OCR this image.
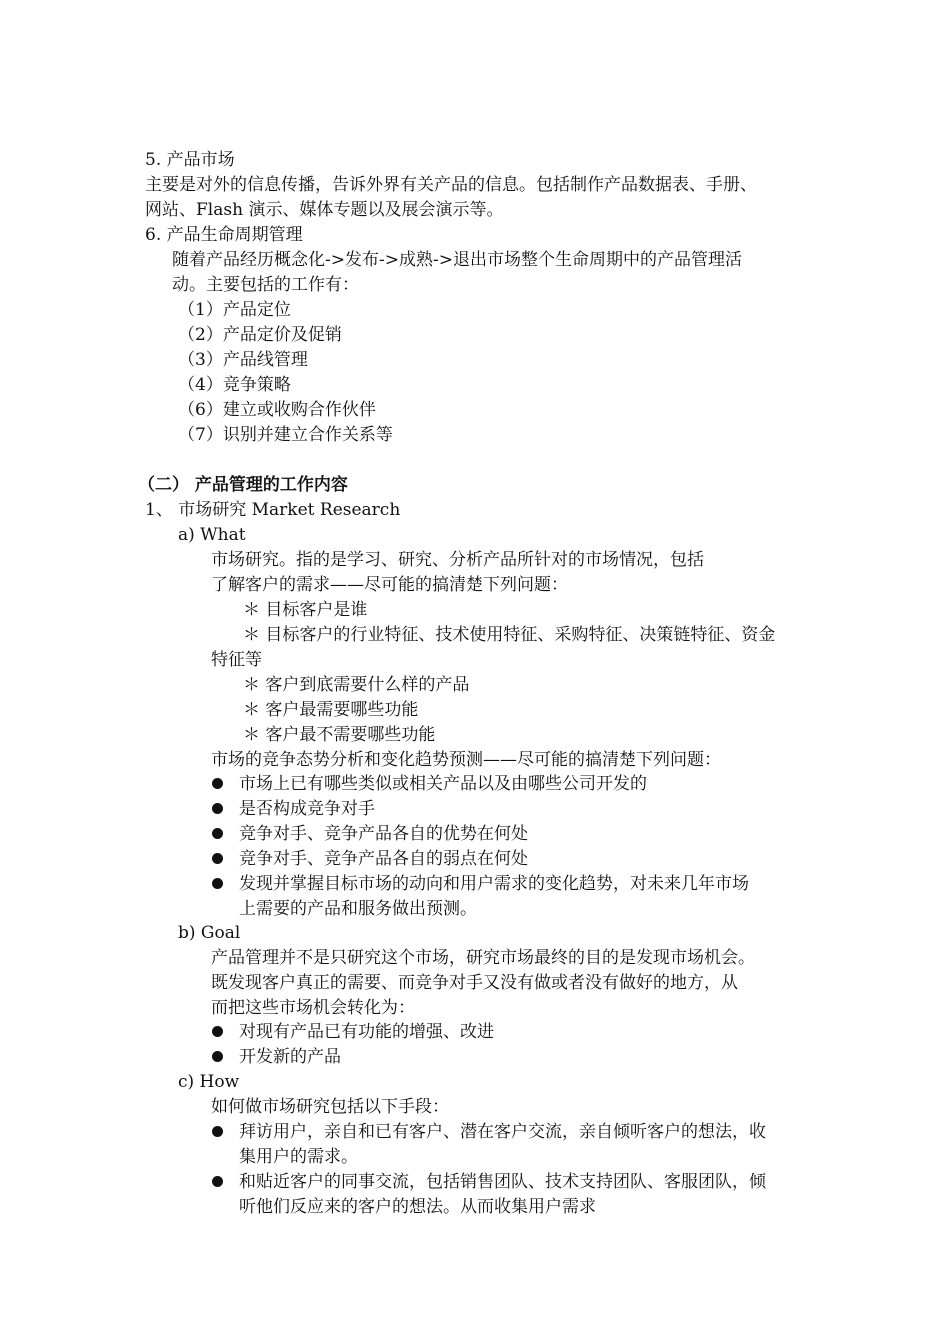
5. 产品市场
主要是对外的信息传播，告诉外界有关产品的信息。包括制作产品数据表、手册、
网站、Flash 演示、媒体专题以及展会演示等。
6. 产品生命周期管理
随着产品经历概念化->发布->成熟->退出市场整个生命周期中的产品管理活
动。主要包括的工作有：
（1）产品定位
（2）产品定价及促销
（3）产品线管理
（4）竞争策略
（6）建立或收购合作伙伴
（7）识别并建立合作关系等
（二） 产品管理的工作内容
1、 市场研究 Market Research
a) What
市场研究。指的是学习、研究、分析产品所针对的市场情况，包括
了解客户的需求——尽可能的搞清楚下列问题：
＊ 目标客户是谁
＊ 目标客户的行业特征、技术使用特征、采购特征、决策链特征、资金
特征等
＊ 客户到底需要什么样的产品
＊ 客户最需要哪些功能
＊ 客户最不需要哪些功能
市场的竞争态势分析和变化趋势预测——尽可能的搞清楚下列问题：
市场上已有哪些类似或相关产品以及由哪些公司开发的
是否构成竞争对手
竞争对手、竞争产品各自的优势在何处
竞争对手、竞争产品各自的弱点在何处
发现并掌握目标市场的动向和用户需求的变化趋势，对未来几年市场
上需要的产品和服务做出预测。
b) Goal
产品管理并不是只研究这个市场，研究市场最终的目的是发现市场机会。
既发现客户真正的需要、而竞争对手又没有做或者没有做好的地方，从
而把这些市场机会转化为：
对现有产品已有功能的增强、改进
开发新的产品
c) How
如何做市场研究包括以下手段：
拜访用户，亲自和已有客户、潜在客户交流，亲自倾听客户的想法，收
集用户的需求。
和贴近客户的同事交流，包括销售团队、技术支持团队、客服团队，倾
听他们反应来的客户的想法。从而收集用户需求
